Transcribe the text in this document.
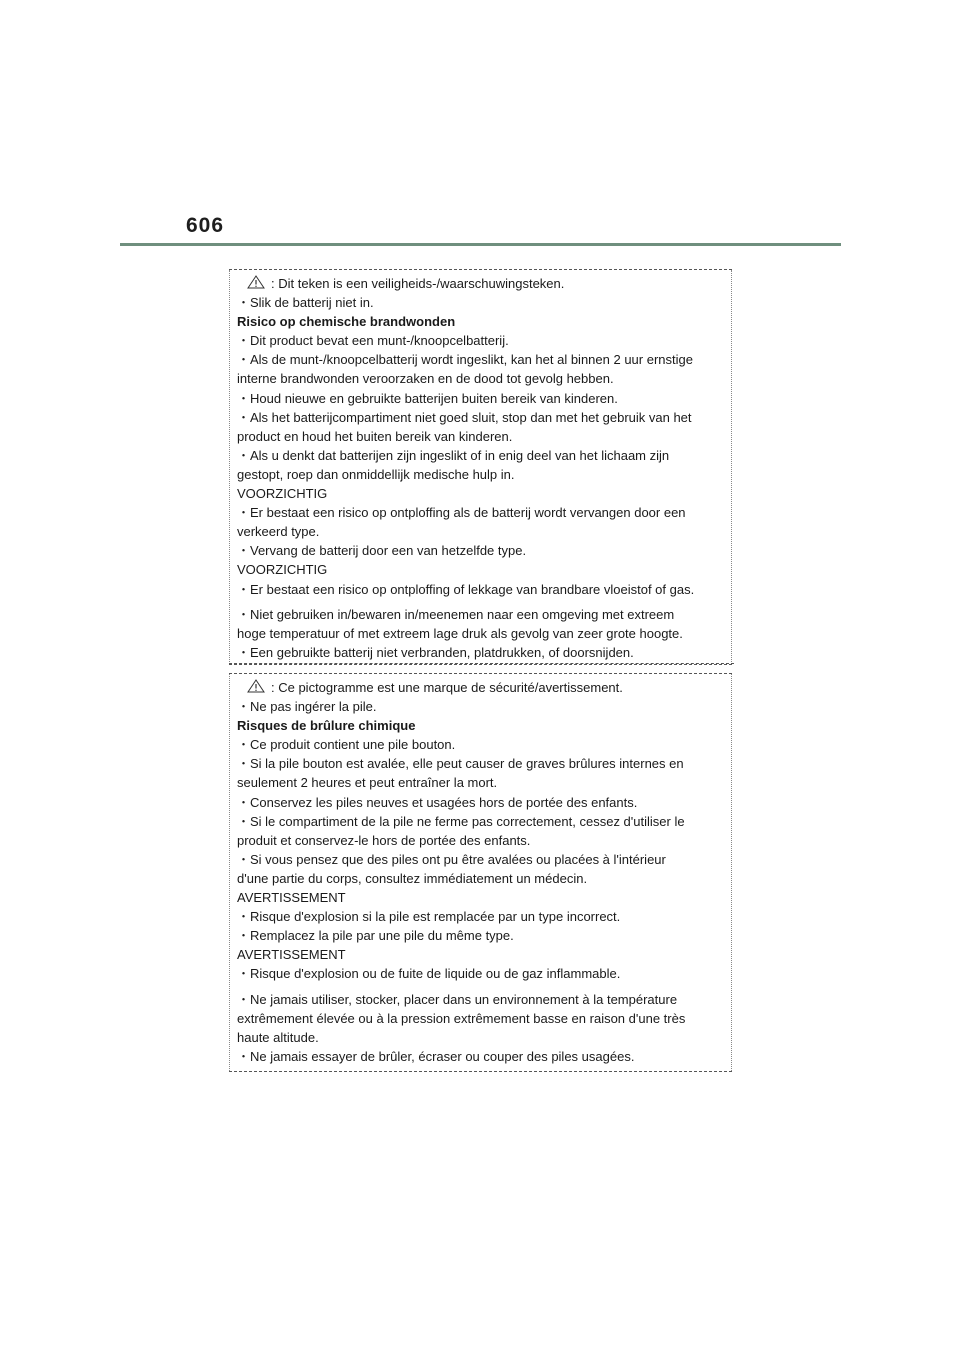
606
: Dit teken is een veiligheids-/waarschuwingsteken.
・Slik de batterij niet in.
Risico op chemische brandwonden
・Dit product bevat een munt-/knoopcelbatterij.
・Als de munt-/knoopcelbatterij wordt ingeslikt, kan het al binnen 2 uur ernstige
interne brandwonden veroorzaken en de dood tot gevolg hebben.
・Houd nieuwe en gebruikte batterijen buiten bereik van kinderen.
・Als het batterijcompartiment niet goed sluit, stop dan met het gebruik van het
product en houd het buiten bereik van kinderen.
・Als u denkt dat batterijen zijn ingeslikt of in enig deel van het lichaam zijn
gestopt, roep dan onmiddellijk medische hulp in.
VOORZICHTIG
・Er bestaat een risico op ontploffing als de batterij wordt vervangen door een
verkeerd type.
・Vervang de batterij door een van hetzelfde type.
VOORZICHTIG
・Er bestaat een risico op ontploffing of lekkage van brandbare vloeistof of gas.
・Niet gebruiken in/bewaren in/meenemen naar een omgeving met extreem
hoge temperatuur of met extreem lage druk als gevolg van zeer grote hoogte.
・Een gebruikte batterij niet verbranden, platdrukken, of doorsnijden.
: Ce pictogramme est une marque de sécurité/avertissement.
・Ne pas ingérer la pile.
Risques de brûlure chimique
・Ce produit contient une pile bouton.
・Si la pile bouton est avalée, elle peut causer de graves brûlures internes en
seulement 2 heures et peut entraîner la mort.
・Conservez les piles neuves et usagées hors de portée des enfants.
・Si le compartiment de la pile ne ferme pas correctement, cessez d'utiliser le
produit et conservez-le hors de portée des enfants.
・Si vous pensez que des piles ont pu être avalées ou placées à l'intérieur
d'une partie du corps, consultez immédiatement un médecin.
AVERTISSEMENT
・Risque d'explosion si la pile est remplacée par un type incorrect.
・Remplacez la pile par une pile du même type.
AVERTISSEMENT
・Risque d'explosion ou de fuite de liquide ou de gaz inflammable.
・Ne jamais utiliser, stocker, placer dans un environnement à la température
extrêmement élevée ou à la pression extrêmement basse en raison d'une très
haute altitude.
・Ne jamais essayer de brûler, écraser ou couper des piles usagées.
